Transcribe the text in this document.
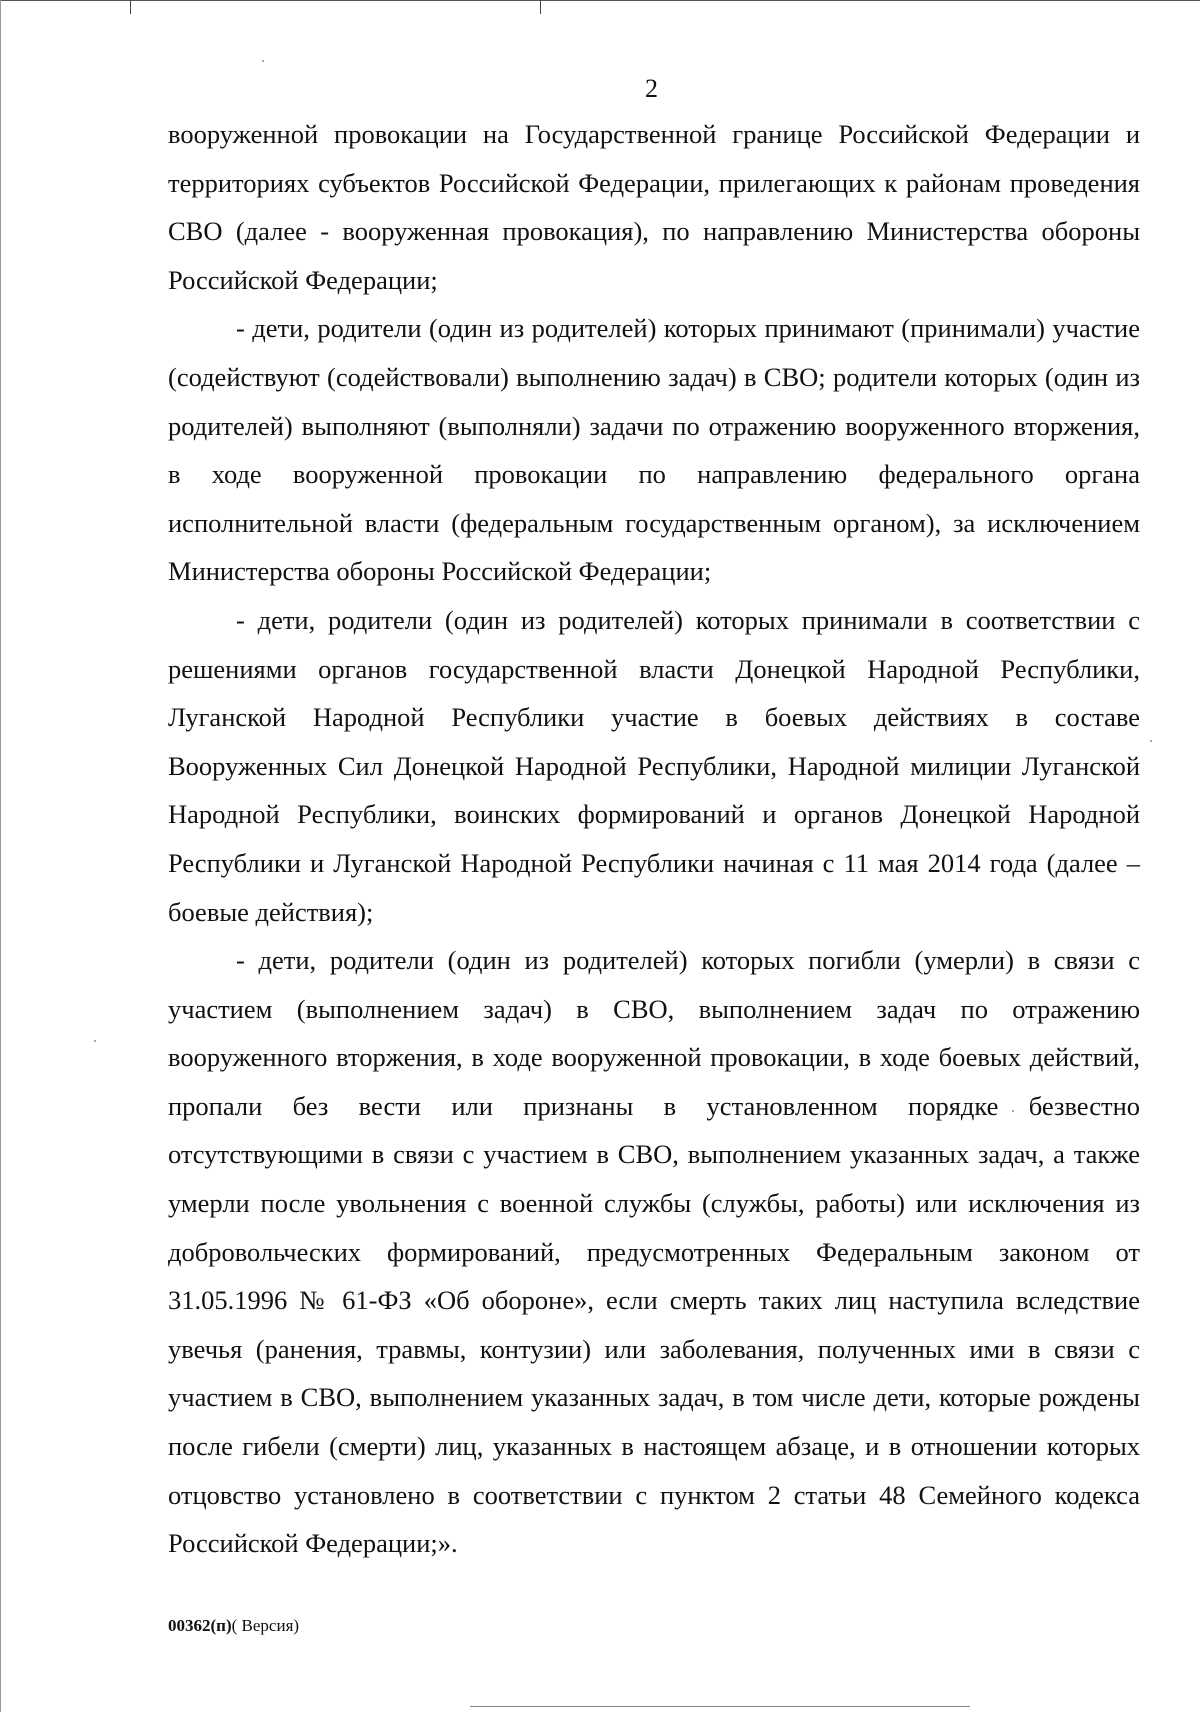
2

вооруженной провокации на Государственной границе Российской Федерации и территориях субъектов Российской Федерации, прилегающих к районам проведения СВО (далее - вооруженная провокация), по направлению Министерства обороны Российской Федерации;

- дети, родители (один из родителей) которых принимают (принимали) участие (содействуют (содействовали) выполнению задач) в СВО; родители которых (один из родителей) выполняют (выполняли) задачи по отражению вооруженного вторжения, в ходе вооруженной провокации по направлению федерального органа исполнительной власти (федеральным государственным органом), за исключением Министерства обороны Российской Федерации;

- дети, родители (один из родителей) которых принимали в соответствии с решениями органов государственной власти Донецкой Народной Республики, Луганской Народной Республики участие в боевых действиях в составе Вооруженных Сил Донецкой Народной Республики, Народной милиции Луганской Народной Республики, воинских формирований и органов Донецкой Народной Республики и Луганской Народной Республики начиная с 11 мая 2014 года (далее – боевые действия);

- дети, родители (один из родителей) которых погибли (умерли) в связи с участием (выполнением задач) в СВО, выполнением задач по отражению вооруженного вторжения, в ходе вооруженной провокации, в ходе боевых действий, пропали без вести или признаны в установленном порядке безвестно отсутствующими в связи с участием в СВО, выполнением указанных задач, а также умерли после увольнения с военной службы (службы, работы) или исключения из добровольческих формирований, предусмотренных Федеральным законом от 31.05.1996 № 61-ФЗ «Об обороне», если смерть таких лиц наступила вследствие увечья (ранения, травмы, контузии) или заболевания, полученных ими в связи с участием в СВО, выполнением указанных задач, в том числе дети, которые рождены после гибели (смерти) лиц, указанных в настоящем абзаце, и в отношении которых отцовство установлено в соответствии с пунктом 2 статьи 48 Семейного кодекса Российской Федерации;».

00362(п)( Версия)
